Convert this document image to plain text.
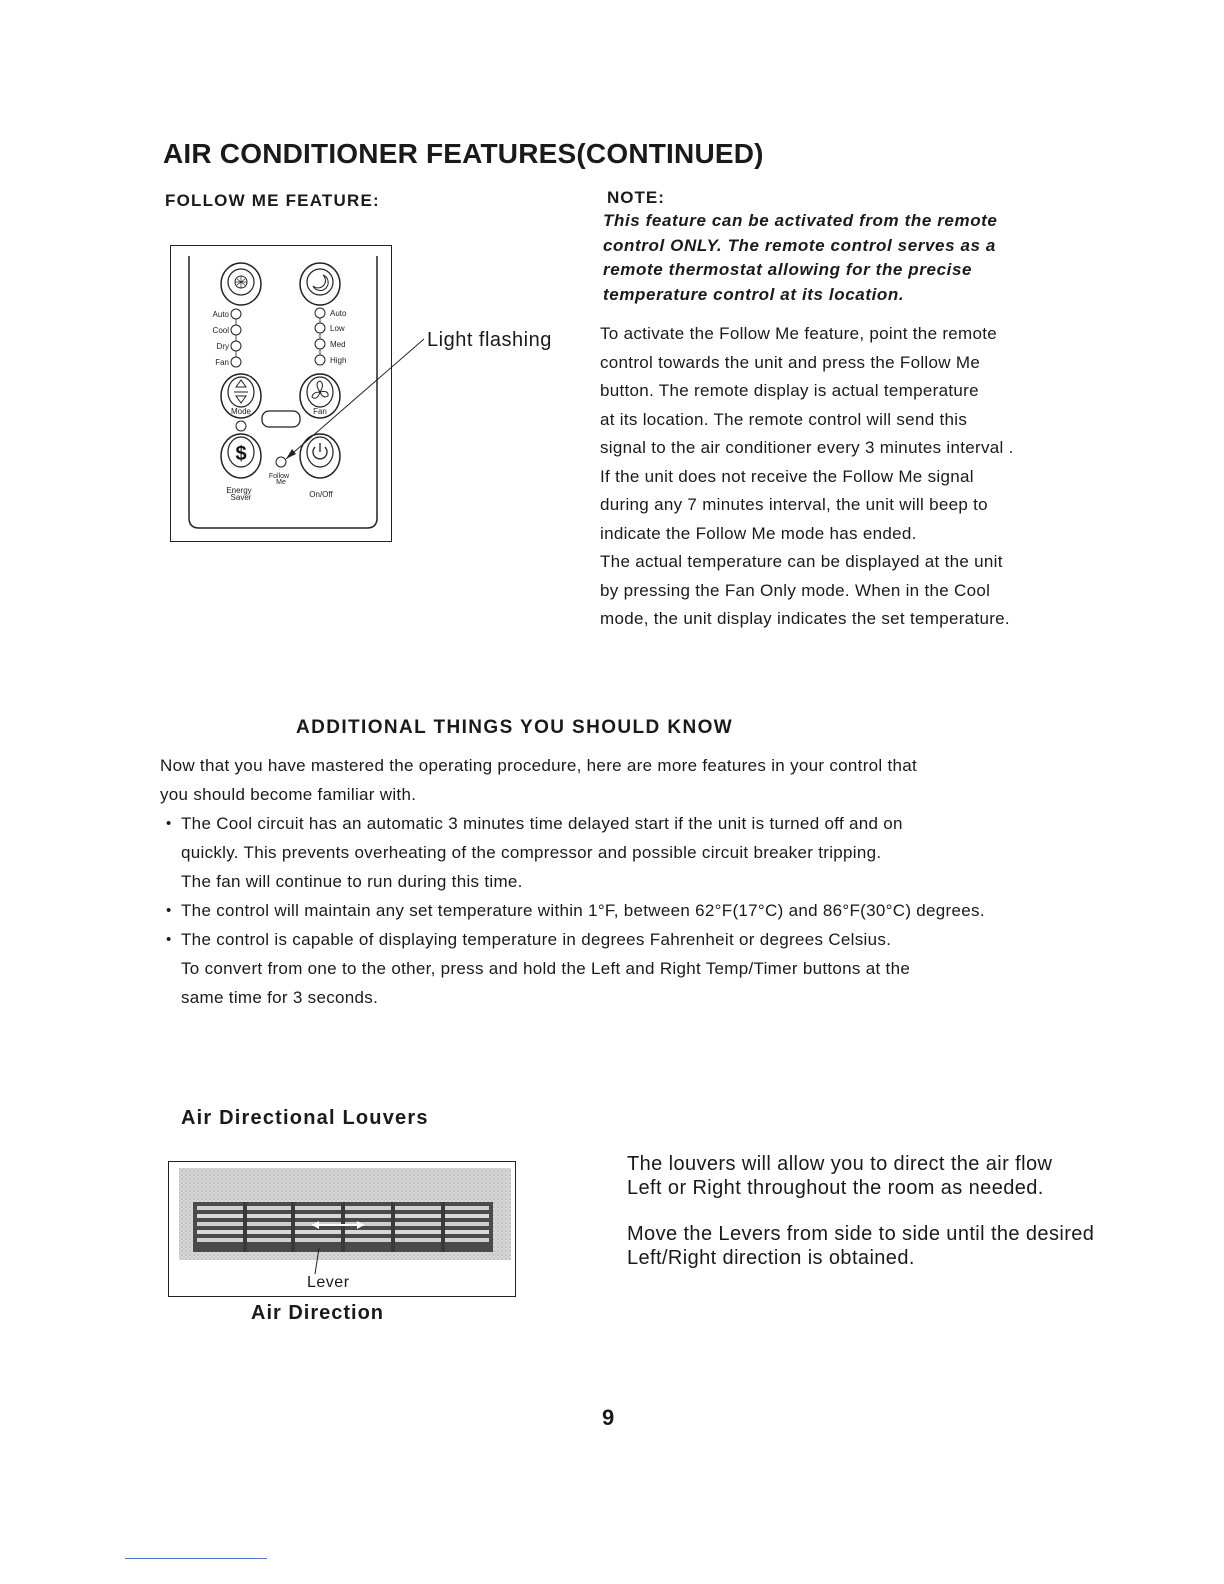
AIR CONDITIONER FEATURES(CONTINUED)
FOLLOW ME FEATURE:	NOTE:
This feature can be activated from the remote
control ONLY. The remote control serves as a
remote thermostat allowing for the precise
temperature control at its location.
Auto
Cool
Dry
Fan
Auto
Low
Med
High
Mode	Fan
$
Energy
Saver
Follow
Me
On/Off
Light flashing	To activate the Follow Me feature, point the remote
control towards the unit and press the Follow Me
button. The remote display is actual temperature
at its location. The remote control will send this
signal to the air conditioner every 3 minutes interval .
If the unit does not receive the Follow Me signal
during any 7 minutes interval, the unit will beep to
indicate the Follow Me mode has ended.
The actual temperature can be displayed at the unit
by pressing the Fan Only mode. When in the Cool
mode, the unit display indicates the set temperature.
ADDITIONAL THINGS YOU SHOULD KNOW
Now that you have mastered the operating procedure, here are more features in your control that
you should become familiar with.
• The Cool circuit has an automatic 3 minutes time delayed start if the unit is turned off and on
quickly. This prevents overheating of the compressor and possible circuit breaker tripping.
The fan will continue to run during this time.
• The control will maintain any set temperature within 1°F, between 62°F(17°C) and 86°F(30°C) degrees.
• The control is capable of displaying temperature in degrees Fahrenheit or degrees Celsius.
To convert from one to the other, press and hold the Left and Right Temp/Timer buttons at the
same time for 3 seconds.
Air Directional Louvers
Lever
Air Direction

The louvers will allow you to direct the air flow
Left or Right throughout the room as needed.

Move the Levers from side to side until the desired
Left/Right direction is obtained.

9
